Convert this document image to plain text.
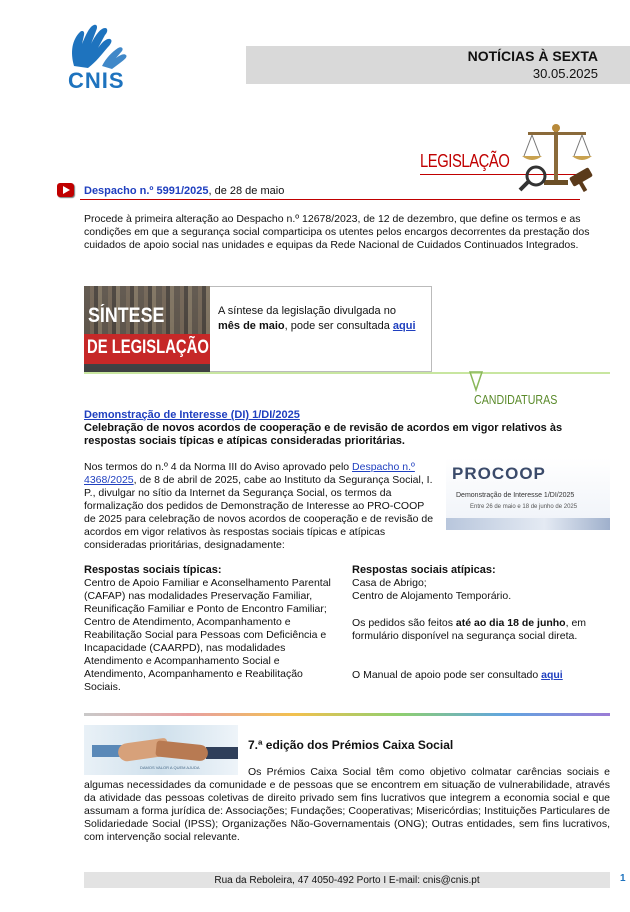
CNIS
NOTÍCIAS À SEXTA
30.05.2025
LEGISLAÇÃO
Despacho n.º 5991/2025, de 28 de maio
Procede à primeira alteração ao Despacho n.º 12678/2023, de 12 de dezembro, que define os termos e as condições em que a segurança social comparticipa os utentes pelos encargos decorrentes da prestação dos cuidados de apoio social nas unidades e equipas da Rede Nacional de Cuidados Continuados Integrados.
SÍNTESE
DE LEGISLAÇÃO
A síntese da legislação divulgada no mês de maio, pode ser consultada aqui
CANDIDATURAS
Demonstração de Interesse (DI) 1/DI/2025
Celebração de novos acordos de cooperação e de revisão de acordos em vigor relativos às respostas sociais típicas e atípicas consideradas prioritárias.
Nos termos do n.º 4 da Norma III do Aviso aprovado pelo Despacho n.º 4368/2025, de 8 de abril de 2025, cabe ao Instituto da Segurança Social, I. P., divulgar no sítio da Internet da Segurança Social, os termos da formalização dos pedidos de Demonstração de Interesse ao PRO-COOP de 2025 para celebração de novos acordos de cooperação e de revisão de acordos em vigor relativos às respostas sociais típicas e atípicas consideradas prioritárias, designadamente:
PROCOOP
Demonstração de Interesse 1/DI/2025
Entre 26 de maio e 18 de junho de 2025
Respostas sociais típicas:
Centro de Apoio Familiar e Aconselhamento Parental (CAFAP) nas modalidades Preservação Familiar, Reunificação Familiar e Ponto de Encontro Familiar;
Centro de Atendimento, Acompanhamento e Reabilitação Social para Pessoas com Deficiência e Incapacidade (CAARPD), nas modalidades Atendimento e Acompanhamento Social e Atendimento, Acompanhamento e Reabilitação Sociais.
Respostas sociais atípicas:
Casa de Abrigo;
Centro de Alojamento Temporário.
Os pedidos são feitos até ao dia 18 de junho, em formulário disponível na segurança social direta.
O Manual de apoio pode ser consultado aqui
DAMOS VALOR A QUEM AJUDA
7.ª edição dos Prémios Caixa Social
Os Prémios Caixa Social têm como objetivo colmatar carências sociais e algumas necessidades da comunidade e de pessoas que se encontrem em situação de vulnerabilidade, através da atividade das pessoas coletivas de direito privado sem fins lucrativos que integrem a economia social e que assumam a forma jurídica de: Associações; Fundações; Cooperativas; Misericórdias; Instituições Particulares de Solidariedade Social (IPSS); Organizações Não-Governamentais (ONG); Outras entidades, sem fins lucrativos, com intervenção social relevante.
Rua da Reboleira, 47 4050-492 Porto I E-mail: cnis@cnis.pt	1
